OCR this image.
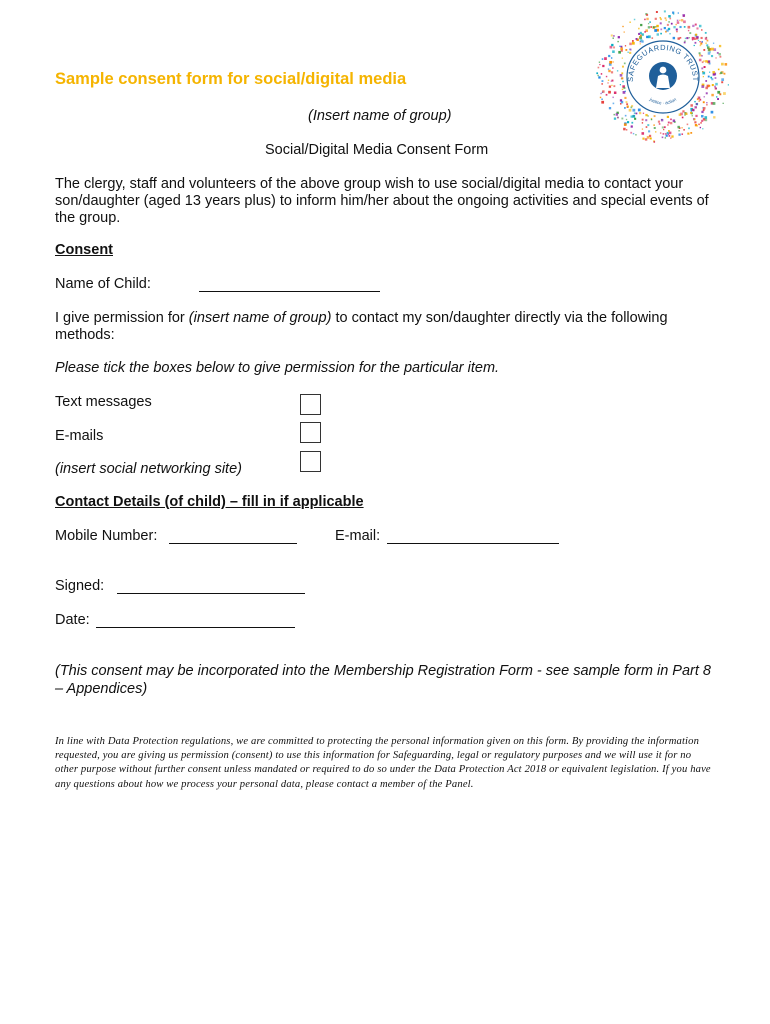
SAFEGUARDING TRUST
justice · action
Sample consent form for social/digital media
(Insert name of group)
Social/Digital Media Consent Form
The clergy, staff and volunteers of the above group wish to use social/digital media to contact your son/daughter (aged 13 years plus) to inform him/her about the ongoing activities and special events of the group.
Consent
Name of Child:
I give permission for (insert name of group) to contact my son/daughter directly via the following methods:
Please tick the boxes below to give permission for the particular item.
Text messages
E-mails
(insert social networking site)
Contact Details (of child) – fill in if applicable
Mobile Number:	E-mail:
Signed:
Date:
(This consent may be incorporated into the Membership Registration Form - see sample form in Part 8 – Appendices)
In line with Data Protection regulations, we are committed to protecting the personal information given on this form. By providing the information requested, you are giving us permission (consent) to use this information for Safeguarding, legal or regulatory purposes and we will use it for no other purpose without further consent unless mandated or required to do so under the Data Protection Act 2018 or equivalent legislation. If you have any questions about how we process your personal data, please contact a member of the Panel.
